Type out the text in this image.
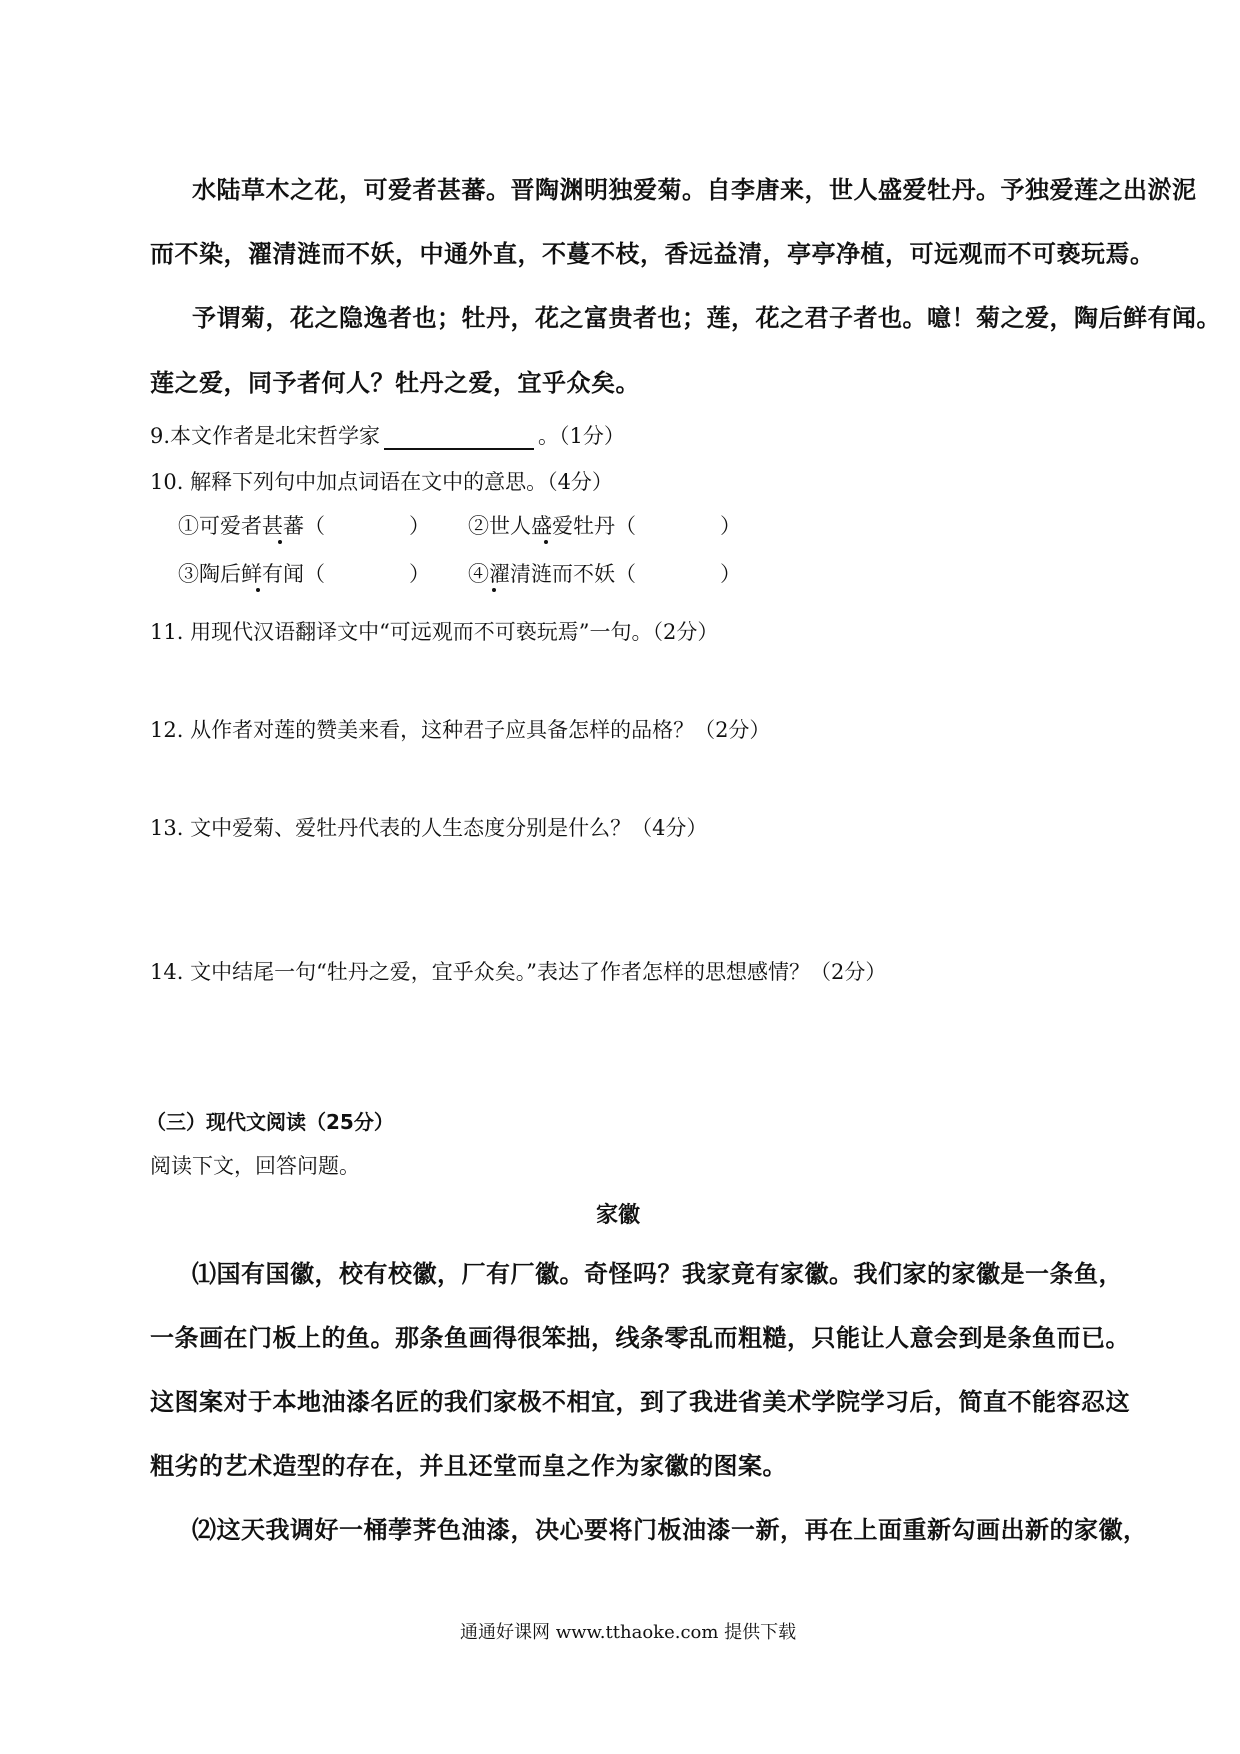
水陆草木之花，可爱者甚蕃。晋陶渊明独爱菊。自李唐来，世人盛爱牡丹。予独爱莲之出淤泥
而不染，濯清涟而不妖，中通外直，不蔓不枝，香远益清，亭亭净植，可远观而不可亵玩焉。
予谓菊，花之隐逸者也；牡丹，花之富贵者也；莲，花之君子者也。噫！菊之爱，陶后鲜有闻。
莲之爱，同予者何人？牡丹之爱，宜乎众矣。
9.本文作者是北宋哲学家	。（1分）
10. 解释下列句中加点词语在文中的意思。（4分）
①可爱者甚蕃（　　　　） ②世人盛爱牡丹（　　　　）
③陶后鲜有闻（　　　　） ④濯清涟而不妖（　　　　）
11. 用现代汉语翻译文中“可远观而不可亵玩焉”一句。（2分）
12. 从作者对莲的赞美来看，这种君子应具备怎样的品格？（2分）
13. 文中爱菊、爱牡丹代表的人生态度分别是什么？（4分）
14. 文中结尾一句“牡丹之爱，宜乎众矣。”表达了作者怎样的思想感情？（2分）
（三）现代文阅读（25分）
阅读下文，回答问题。
家徽
⑴国有国徽，校有校徽，厂有厂徽。奇怪吗？我家竟有家徽。我们家的家徽是一条鱼，
一条画在门板上的鱼。那条鱼画得很笨拙，线条零乱而粗糙，只能让人意会到是条鱼而已。
这图案对于本地油漆名匠的我们家极不相宜，到了我进省美术学院学习后，简直不能容忍这
粗劣的艺术造型的存在，并且还堂而皇之作为家徽的图案。
⑵这天我调好一桶荸荠色油漆，决心要将门板油漆一新，再在上面重新勾画出新的家徽，
通通好课网 www.tthaoke.com 提供下载
